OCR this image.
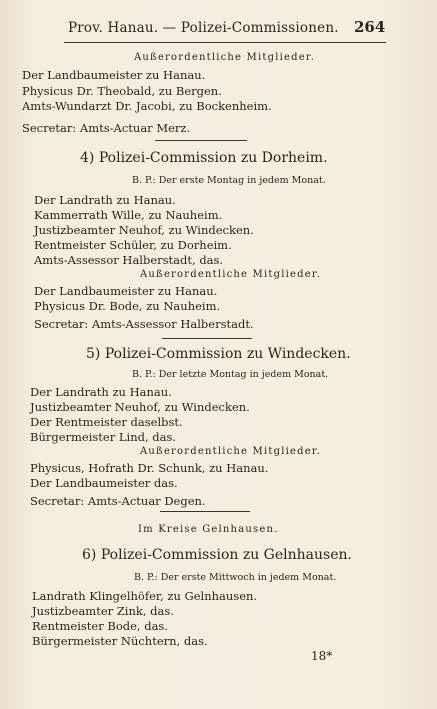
Prov. Hanau. — Polizei-Commissionen. 264
Außerordentliche Mitglieder.
Der Landbaumeister zu Hanau.
Physicus Dr. Theobald, zu Bergen.
Amts-Wundarzt Dr. Jacobi, zu Bockenheim.
Secretar: Amts-Actuar Merz.
4) Polizei-Commission zu Dorheim.
B. P.: Der erste Montag in jedem Monat.
Der Landrath zu Hanau.
Kammerrath Wille, zu Nauheim.
Justizbeamter Neuhof, zu Windecken.
Rentmeister Schüler, zu Dorheim.
Amts-Assessor Halberstadt, das.
Außerordentliche Mitglieder.
Der Landbaumeister zu Hanau.
Physicus Dr. Bode, zu Nauheim.
Secretar: Amts-Assessor Halberstadt.
5) Polizei-Commission zu Windecken.
B. P.: Der letzte Montag in jedem Monat.
Der Landrath zu Hanau.
Justizbeamter Neuhof, zu Windecken.
Der Rentmeister daselbst.
Bürgermeister Lind, das.
Außerordentliche Mitglieder.
Physicus, Hofrath Dr. Schunk, zu Hanau.
Der Landbaumeister das.
Secretar: Amts-Actuar Degen.
Im Kreise Gelnhausen.
6) Polizei-Commission zu Gelnhausen.
B. P.: Der erste Mittwoch in jedem Monat.
Landrath Klingelhöfer, zu Gelnhausen.
Justizbeamter Zink, das.
Rentmeister Bode, das.
Bürgermeister Nüchtern, das.
18*
